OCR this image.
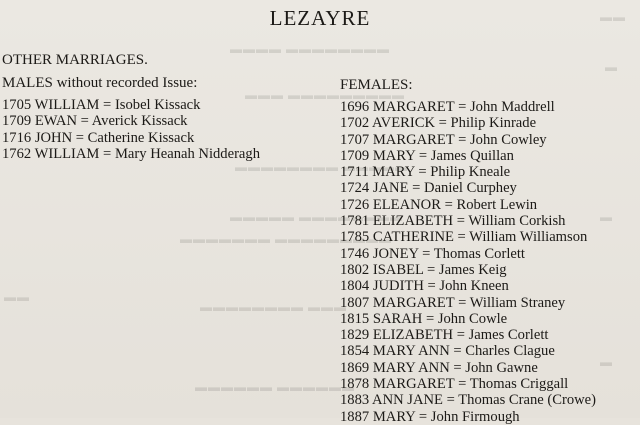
▬▬▬▬ ▬▬▬▬▬▬▬▬
▬▬▬ ▬▬▬▬▬▬▬▬▬
▬▬▬▬▬▬▬▬ ▬▬▬▬▬
▬▬▬▬▬ ▬▬▬▬▬▬▬▬
▬▬▬▬▬▬▬ ▬▬▬▬▬▬▬▬▬
▬▬▬▬▬▬▬▬ ▬▬▬
▬▬▬▬▬▬ ▬▬▬▬▬▬
▬▬
▬
▬
▬
▬▬
LEZAYRE
OTHER MARRIAGES.
MALES without recorded Issue:
1705 WILLIAM = Isobel Kissack
1709 EWAN = Averick Kissack
1716 JOHN = Catherine Kissack
1762 WILLIAM = Mary Heanah Nidderagh
FEMALES:
1696 MARGARET = John Maddrell
1702 AVERICK = Philip Kinrade
1707 MARGARET = John Cowley
1709 MARY = James Quillan
1711 MARY = Philip Kneale
1724 JANE = Daniel Curphey
1726 ELEANOR = Robert Lewin
1781 ELIZABETH = William Corkish
1785 CATHERINE = William Williamson
1746 JONEY = Thomas Corlett
1802 ISABEL = James Keig
1804 JUDITH = John Kneen
1807 MARGARET = William Straney
1815 SARAH = John Cowle
1829 ELIZABETH = James Corlett
1854 MARY ANN = Charles Clague
1869 MARY ANN = John Gawne
1878 MARGARET = Thomas Criggall
1883 ANN JANE = Thomas Crane (Crowe)
1887 MARY = John Firmough
